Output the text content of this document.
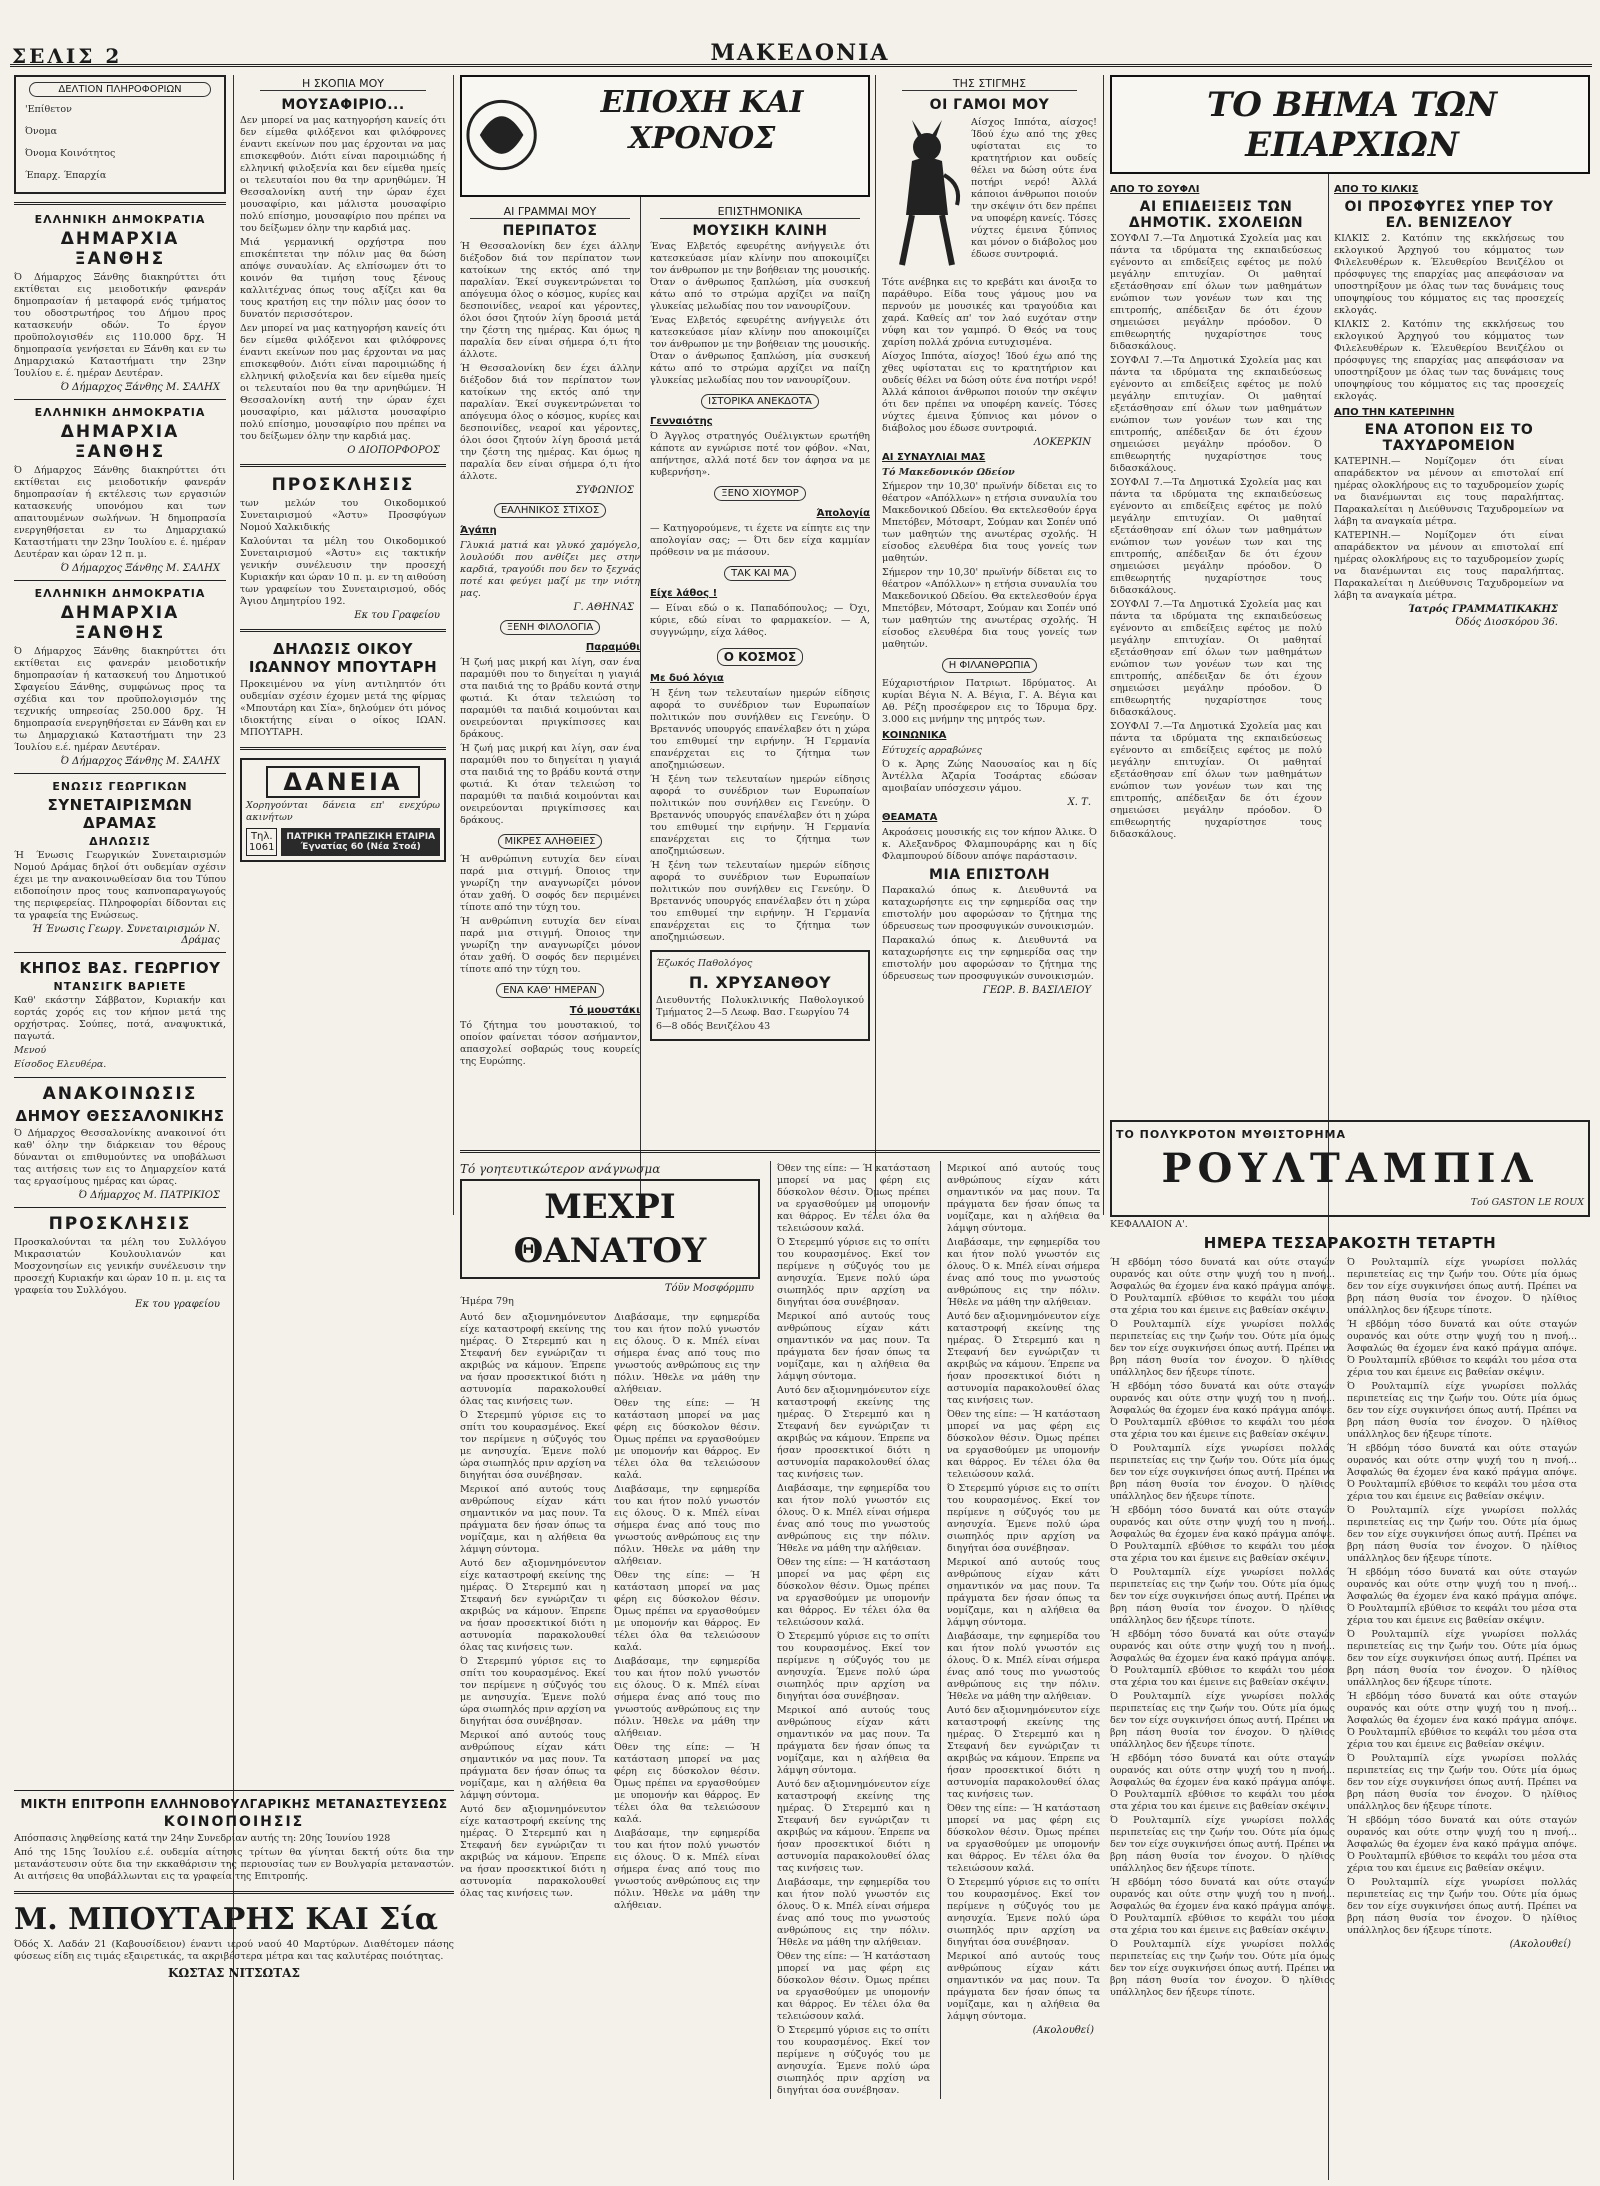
ΣΕΛΙΣ 2	ΜΑΚΕΔΟΝΙΑ
ΔΕΛΤΙΟΝ ΠΛΗΡΟΦΟΡΙΩΝ
'Επίθετον
Όνομα
Όνομα Κοινότητος
Έπαρχ. Έπαρχία
ΕΛΛΗΝΙΚΗ ΔΗΜΟΚΡΑΤΙΑ
ΔΗΜΑΡΧΙΑ ΞΑΝΘΗΣ
Ό Δήμαρχος Ξάνθης διακηρύττει ότι εκτίθεται εις μειοδοτικήν φανεράν δημοπρασίαν ή μεταφορά ενός τμήματος του οδοστρωτήρος του Δήμου προς κατασκευήν οδών. Το έργον προϋπολογισθέν εις 110.000 δρχ. Ή δημοπρασία γενήσεται εν Ξάνθη και εν τω Δημαρχιακώ Καταστήματι την 23ην Ίουλίου ε. έ. ημέραν Δευτέραν.
Ό Δήμαρχος Ξάνθης Μ. ΣΑΛΗΧ
ΕΛΛΗΝΙΚΗ ΔΗΜΟΚΡΑΤΙΑ
ΔΗΜΑΡΧΙΑ ΞΑΝΘΗΣ
Ό Δήμαρχος Ξάνθης διακηρύττει ότι εκτίθεται εις μειοδοτικήν φανεράν δημοπρασίαν ή εκτέλεσις των εργασιών κατασκευής υπονόμου και των απαιτουμένων σωλήνων. Ή δημοπρασία ενεργηθήσεται εν τω Δημαρχιακώ Καταστήματι την 23ην Ίουλίου ε. έ. ημέραν Δευτέραν και ώραν 12 π. μ.
Ό Δήμαρχος Ξάνθης Μ. ΣΑΛΗΧ
ΕΛΛΗΝΙΚΗ ΔΗΜΟΚΡΑΤΙΑ
ΔΗΜΑΡΧΙΑ ΞΑΝΘΗΣ
Ό Δήμαρχος Ξάνθης διακηρύττει ότι εκτίθεται εις φανεράν μειοδοτικήν δημοπρασίαν ή κατασκευή του Δημοτικού Σφαγείου Ξάνθης, συμφώνως προς τα σχέδια και τον προϋπολογισμόν της τεχνικής υπηρεσίας 250.000 δρχ. Ή δημοπρασία ενεργηθήσεται εν Ξάνθη και εν τω Δημαρχιακώ Καταστήματι την 23 Ίουλίου ε.έ. ημέραν Δευτέραν.
Ό Δήμαρχος Ξάνθης Μ. ΣΑΛΗΧ
ΕΝΩΣΙΣ ΓΕΩΡΓΙΚΩΝ
ΣΥΝΕΤΑΙΡΙΣΜΩΝ ΔΡΑΜΑΣ
ΔΗΛΩΣΙΣ
Ή Ένωσις Γεωργικών Συνεταιρισμών Νομού Δράμας δηλοί ότι ουδεμίαν σχέσιν έχει με την ανακοινωθείσαν δια του Τύπου ειδοποίησιν προς τους καπνοπαραγωγούς της περιφερείας. Πληροφορίαι δίδονται εις τα γραφεία της Ενώσεως.
Ή Ένωσις Γεωργ. Συνεταιρισμών Ν. Δράμας
ΚΗΠΟΣ ΒΑΣ. ΓΕΩΡΓΙΟΥ
ΝΤΑΝΣΙΓΚ ΒΑΡΙΕΤΕ
Καθ' εκάστην Σάββατον, Κυριακήν και εορτάς χορός εις τον κήπον μετά της ορχήστρας. Σούπες, ποτά, αναψυκτικά, παγωτά.
Μενού
Είσοδος Ελευθέρα.
ΑΝΑΚΟΙΝΩΣΙΣ
ΔΗΜΟΥ ΘΕΣΣΑΛΟΝΙΚΗΣ
Ό Δήμαρχος Θεσσαλονίκης ανακοινοί ότι καθ' όλην την διάρκειαν του θέρους δύνανται οι επιθυμούντες να υποβάλωσι τας αιτήσεις των εις το Δημαρχείον κατά τας εργασίμους ημέρας και ώρας.
Ό Δήμαρχος Μ. ΠΑΤΡΙΚΙΟΣ
ΠΡΟΣΚΛΗΣΙΣ
Προσκαλούνται τα μέλη του Συλλόγου Μικρασιατών Κουλουλιανών και Μοσχονησίων εις γενικήν συνέλευσιν την προσεχή Κυριακήν και ώραν 10 π. μ. εις τα γραφεία του Συλλόγου.
Εκ του γραφείου
ΜΙΚΤΗ ΕΠΙΤΡΟΠΗ ΕΛΛΗΝΟΒΟΥΛΓΑΡΙΚΗΣ ΜΕΤΑΝΑΣΤΕΥΣΕΩΣ
ΚΟΙΝΟΠΟΙΗΣΙΣ
Απόσπασις ληφθείσης κατά την 24ην Συνεδρίαν αυτής τη: 20ης Ίουνίου 1928
Από της 15ης Ίουλίου ε.έ. ουδεμία αίτησις τρίτων θα γίνηται δεκτή ούτε δια την μετανάστευσιν ούτε δια την εκκαθάρισιν της περιουσίας των εν Βουλγαρία μεταναστών. Αι αιτήσεις θα υποβάλλωνται εις τα γραφεία της Επιτροπής.
Μ. ΜΠΟΥΤΑΡΗΣ ΚΑΙ Σία
Όδός Χ. Λαδάν 21 (Καβουσίδειον) έναντι ιερού ναού 40 Μαρτύρων. Διαθέτομεν πάσης φύσεως είδη εις τιμάς εξαιρετικάς, τα ακριβέστερα μέτρα και τας καλυτέρας ποιότητας.
ΚΩΣΤΑΣ ΝΙΤΣΩΤΑΣ
Η ΣΚΟΠΙΑ ΜΟΥ
ΜΟΥΣΑΦΙΡΙΟ...
Δεν μπορεί να μας κατηγορήση κανείς ότι δεν είμεθα φιλόξενοι και φιλόφρονες έναντι εκείνων που μας έρχονται να μας επισκεφθούν. Διότι είναι παροιμιώδης ή ελληνική φιλοξενία και δεν είμεθα ημείς οι τελευταίοι που θα την αρνηθώμεν. Ή Θεσσαλονίκη αυτή την ώραν έχει μουσαφίριο, και μάλιστα μουσαφίριο πολύ επίσημο, μουσαφίριο που πρέπει να του δείξωμεν όλην την καρδιά μας.
Μιά γερμανική ορχήστρα που επισκέπτεται την πόλιν μας θα δώση απόψε συναυλίαν. Ας ελπίσωμεν ότι το κοινόν θα τιμήση τους ξένους καλλιτέχνας όπως τους αξίζει και θα τους κρατήση εις την πόλιν μας όσον το δυνατόν περισσότερον.
Δεν μπορεί να μας κατηγορήση κανείς ότι δεν είμεθα φιλόξενοι και φιλόφρονες έναντι εκείνων που μας έρχονται να μας επισκεφθούν. Διότι είναι παροιμιώδης ή ελληνική φιλοξενία και δεν είμεθα ημείς οι τελευταίοι που θα την αρνηθώμεν. Ή Θεσσαλονίκη αυτή την ώραν έχει μουσαφίριο, και μάλιστα μουσαφίριο πολύ επίσημο, μουσαφίριο που πρέπει να του δείξωμεν όλην την καρδιά μας.
Ο ΔΙΟΠΟΡΦΟΡΟΣ
ΠΡΟΣΚΛΗΣΙΣ
των μελών του Οικοδομικού Συνεταιρισμού «Άστυ» Προσφύγων Νομού Χαλκιδικής
Καλούνται τα μέλη του Οικοδομικού Συνεταιρισμού «Άστυ» εις τακτικήν γενικήν συνέλευσιν την προσεχή Κυριακήν και ώραν 10 π. μ. εν τη αιθούση των γραφείων του Συνεταιρισμού, οδός Άγιου Δημητρίου 192.
Εκ του Γραφείου
ΔΗΛΩΣΙΣ ΟΙΚΟΥ ΙΩΑΝΝΟΥ ΜΠΟΥΤΑΡΗ
Προκειμένου να γίνη αντιληπτόν ότι ουδεμίαν σχέσιν έχομεν μετά της φίρμας «Μπουτάρη και Σία», δηλούμεν ότι μόνος ιδιοκτήτης είναι ο οίκος ΙΩΑΝ. ΜΠΟΥΤΑΡΗ.
ΔΑΝΕΙΑ
Χορηγούνται δάνεια επ' ενεχύρω ακινήτων
Τηλ.
1061
ΠΑΤΡΙΚΗ ΤΡΑΠΕΖΙΚΗ ΕΤΑΙΡΙΑ
Έγνατίας 60 (Νέα Στοά)
ΕΠΟΧΗ ΚΑΙ ΧΡΟΝΟΣ
ΑΙ ΓΡΑΜΜΑΙ ΜΟΥ
ΠΕΡΙΠΑΤΟΣ
Ή Θεσσαλονίκη δεν έχει άλλην διέξοδον διά τον περίπατον των κατοίκων της εκτός από την παραλίαν. Έκεί συγκεντρώνεται το απόγευμα όλος ο κόσμος, κυρίες και δεσποινίδες, νεαροί και γέροντες, όλοι όσοι ζητούν λίγη δροσιά μετά την ζέστη της ημέρας. Και όμως η παραλία δεν είναι σήμερα ό,τι ήτο άλλοτε.
Ή Θεσσαλονίκη δεν έχει άλλην διέξοδον διά τον περίπατον των κατοίκων της εκτός από την παραλίαν. Έκεί συγκεντρώνεται το απόγευμα όλος ο κόσμος, κυρίες και δεσποινίδες, νεαροί και γέροντες, όλοι όσοι ζητούν λίγη δροσιά μετά την ζέστη της ημέρας. Και όμως η παραλία δεν είναι σήμερα ό,τι ήτο άλλοτε.
ΣΥΦΩΝΙΟΣ
ΕΑΛΗΝΙΚΟΣ ΣΤΙΧΟΣ
Άγάπη
Γλυκιά ματιά και γλυκό χαμόγελο, λουλούδι που ανθίζει μες στην καρδιά, τραγούδι που δεν το ξεχνάς ποτέ και φεύγει μαζί με την νιότη μας.
Γ. ΑΘΗΝΑΣ
ΞΕΝΗ ΦΙΛΟΛΟΓΙΑ
Παραμύθι
Ή ζωή μας μικρή και λίγη, σαν ένα παραμύθι που το διηγείται η γιαγιά στα παιδιά της το βράδυ κοντά στην φωτιά. Κι όταν τελειώση το παραμύθι τα παιδιά κοιμούνται και ονειρεύονται πριγκίπισσες και δράκους.
Ή ζωή μας μικρή και λίγη, σαν ένα παραμύθι που το διηγείται η γιαγιά στα παιδιά της το βράδυ κοντά στην φωτιά. Κι όταν τελειώση το παραμύθι τα παιδιά κοιμούνται και ονειρεύονται πριγκίπισσες και δράκους.
ΜΙΚΡΕΣ ΑΛΗΘΕΙΕΣ
Ή ανθρώπινη ευτυχία δεν είναι παρά μια στιγμή. Όποιος την γνωρίζη την αναγνωρίζει μόνον όταν χαθή. Ό σοφός δεν περιμένει τίποτε από την τύχη του.
Ή ανθρώπινη ευτυχία δεν είναι παρά μια στιγμή. Όποιος την γνωρίζη την αναγνωρίζει μόνον όταν χαθή. Ό σοφός δεν περιμένει τίποτε από την τύχη του.
ΕΝΑ ΚΑΘ' ΗΜΕΡΑΝ
Τό μουστάκι
Τό ζήτημα του μουστακιού, το οποίον φαίνεται τόσον ασήμαντον, απασχολεί σοβαρώς τους κουρείς της Ευρώπης.
ΕΠΙΣΤΗΜΟΝΙΚΑ
ΜΟΥΣΙΚΗ ΚΛΙΝΗ
Ένας Ελβετός εφευρέτης ανήγγειλε ότι κατεσκεύασε μίαν κλίνην που αποκοιμίζει τον άνθρωπον με την βοήθειαν της μουσικής. Όταν ο άνθρωπος ξαπλώση, μία συσκευή κάτω από το στρώμα αρχίζει να παίζη γλυκείας μελωδίας που τον νανουρίζουν.
Ένας Ελβετός εφευρέτης ανήγγειλε ότι κατεσκεύασε μίαν κλίνην που αποκοιμίζει τον άνθρωπον με την βοήθειαν της μουσικής. Όταν ο άνθρωπος ξαπλώση, μία συσκευή κάτω από το στρώμα αρχίζει να παίζη γλυκείας μελωδίας που τον νανουρίζουν.
ΙΣΤΟΡΙΚΑ ΑΝΕΚΔΟΤΑ
Γενναιότης
Ό Άγγλος στρατηγός Ουέλιγκτων ερωτήθη κάποτε αν εγνώρισε ποτέ τον φόβον. «Ναι, απήντησε, αλλά ποτέ δεν τον άφησα να με κυβερνήση».
ΞΕΝΟ ΧΙΟΥΜΟΡ
Άπολογία
— Κατηγορούμενε, τι έχετε να είπητε εις την απολογίαν σας; — Ότι δεν είχα καμμίαν πρόθεσιν να με πιάσουν.
ΤΑΚ ΚΑΙ ΜΑ
Είχε λάθος !
— Είναι εδώ ο κ. Παπαδόπουλος; — Όχι, κύριε, εδώ είναι το φαρμακείον. — Α, συγγνώμην, είχα λάθος.
Ο ΚΟΣΜΟΣ
Με δυό λόγια
Ή ξένη των τελευταίων ημερών είδησις αφορά το συνέδριον των Ευρωπαίων πολιτικών που συνήλθεν εις Γενεύην. Ό Βρεταννός υπουργός επανέλαβεν ότι η χώρα του επιθυμεί την ειρήνην. Ή Γερμανία επανέρχεται εις το ζήτημα των αποζημιώσεων.
Ή ξένη των τελευταίων ημερών είδησις αφορά το συνέδριον των Ευρωπαίων πολιτικών που συνήλθεν εις Γενεύην. Ό Βρεταννός υπουργός επανέλαβεν ότι η χώρα του επιθυμεί την ειρήνην. Ή Γερμανία επανέρχεται εις το ζήτημα των αποζημιώσεων.
Ή ξένη των τελευταίων ημερών είδησις αφορά το συνέδριον των Ευρωπαίων πολιτικών που συνήλθεν εις Γενεύην. Ό Βρεταννός υπουργός επανέλαβεν ότι η χώρα του επιθυμεί την ειρήνην. Ή Γερμανία επανέρχεται εις το ζήτημα των αποζημιώσεων.
Έζωκός Παθολόγος
Π. ΧΡΥΣΑΝΘΟΥ
Διευθυντής Πολυκλινικής Παθολογικού Τμήματος 2—5 Λεωφ. Βασ. Γεωργίου 74
6—8 οδός Βενιζέλου 43
ΤΗΣ ΣΤΙΓΜΗΣ
ΟΙ ΓΑΜΟΙ ΜΟΥ
Αίσχος Ιππότα, αίσχος! Ίδού έχω από της χθες υφίσταται εις το κρατητήριον και ουδείς θέλει να δώση ούτε ένα ποτήρι νερό! Άλλά κάποιοι άνθρωποι ποιούν την σκέψιν ότι δεν πρέπει να υποφέρη κανείς. Τόσες νύχτες έμεινα ξύπνιος και μόνον ο διάβολος μου έδωσε συντροφιά.
Τότε ανέβηκα εις το κρεβάτι και άνοιξα το παράθυρο. Είδα τους γάμους μου να περνούν με μουσικές και τραγούδια και χαρά. Καθείς απ' τον λαό ευχόταν στην νύφη και τον γαμπρό. Ό Θεός να τους χαρίση πολλά χρόνια ευτυχισμένα.
Αίσχος Ιππότα, αίσχος! Ίδού έχω από της χθες υφίσταται εις το κρατητήριον και ουδείς θέλει να δώση ούτε ένα ποτήρι νερό! Άλλά κάποιοι άνθρωποι ποιούν την σκέψιν ότι δεν πρέπει να υποφέρη κανείς. Τόσες νύχτες έμεινα ξύπνιος και μόνον ο διάβολος μου έδωσε συντροφιά.
ΛΟΚΕΡΚΙΝ
ΑΙ ΣΥΝΑΥΛΙΑΙ ΜΑΣ
Τό Μακεδονικόν Ωδείον
Σήμερον την 10,30' πρωϊνήν δίδεται εις το θέατρον «Απόλλων» η ετήσια συναυλία του Μακεδονικού Ωδείου. Θα εκτελεσθούν έργα Μπετόβεν, Μότσαρτ, Σούμαν και Σοπέν υπό των μαθητών της ανωτέρας σχολής. Ή είσοδος ελευθέρα δια τους γονείς των μαθητών.
Σήμερον την 10,30' πρωϊνήν δίδεται εις το θέατρον «Απόλλων» η ετήσια συναυλία του Μακεδονικού Ωδείου. Θα εκτελεσθούν έργα Μπετόβεν, Μότσαρτ, Σούμαν και Σοπέν υπό των μαθητών της ανωτέρας σχολής. Ή είσοδος ελευθέρα δια τους γονείς των μαθητών.
Η ΦΙΛΑΝΘΡΩΠΙΑ
Εύχαριστήριον Πατριωτ. Ιδρύματος. Αι κυρίαι Βέγια Ν. Α. Βέγια, Γ. Α. Βέγια και Αθ. Ρέζη προσέφερον εις το Ίδρυμα δρχ. 3.000 εις μνήμην της μητρός των.
ΚΟΙΝΩΝΙΚΑ
Εύτυχείς αρραβώνες
Ό κ. Άρης Ζώης Ναουσαίος και η δίς Άντέλλα Άζαρία Τοσάρτας εδώσαν αμοιβαίαν υπόσχεσιν γάμου.
Χ. Τ.
ΘΕΑΜΑΤΑ
Ακροάσεις μουσικής εις τον κήπον Άλικε. Ό κ. Αλεξανδρος Φλαμπουράρης και η δίς Φλαμπουρού δίδουν απόψε παράστασιν.
ΜΙΑ ΕΠΙΣΤΟΛΗ
Παρακαλώ όπως κ. Διευθυντά να καταχωρήσητε εις την εφημερίδα σας την επιστολήν μου αφορώσαν το ζήτημα της ύδρευσεως των προσφυγικών συνοικισμών.
Παρακαλώ όπως κ. Διευθυντά να καταχωρήσητε εις την εφημερίδα σας την επιστολήν μου αφορώσαν το ζήτημα της ύδρευσεως των προσφυγικών συνοικισμών.
ΓΕΩΡ. Β. ΒΑΣΙΛΕΙΟΥ
ΤΟ ΒΗΜΑ ΤΩΝ ΕΠΑΡΧΙΩΝ
ΑΠΟ ΤΟ ΣΟΥΦΛΙ
ΑΙ ΕΠΙΔΕΙΞΕΙΣ ΤΩΝ ΔΗΜΟΤΙΚ. ΣΧΟΛΕΙΩΝ
ΣΟΥΦΛΙ 7.—Τα Δημοτικά Σχολεία μας και πάντα τα ιδρύματα της εκπαιδεύσεως εγένοντο αι επιδείξεις εφέτος με πολύ μεγάλην επιτυχίαν. Οι μαθηταί εξετάσθησαν επί όλων των μαθημάτων ενώπιον των γονέων των και της επιτροπής, απέδειξαν δε ότι έχουν σημειώσει μεγάλην πρόοδον. Ό επιθεωρητής ηυχαρίστησε τους διδασκάλους.
ΣΟΥΦΛΙ 7.—Τα Δημοτικά Σχολεία μας και πάντα τα ιδρύματα της εκπαιδεύσεως εγένοντο αι επιδείξεις εφέτος με πολύ μεγάλην επιτυχίαν. Οι μαθηταί εξετάσθησαν επί όλων των μαθημάτων ενώπιον των γονέων των και της επιτροπής, απέδειξαν δε ότι έχουν σημειώσει μεγάλην πρόοδον. Ό επιθεωρητής ηυχαρίστησε τους διδασκάλους.
ΣΟΥΦΛΙ 7.—Τα Δημοτικά Σχολεία μας και πάντα τα ιδρύματα της εκπαιδεύσεως εγένοντο αι επιδείξεις εφέτος με πολύ μεγάλην επιτυχίαν. Οι μαθηταί εξετάσθησαν επί όλων των μαθημάτων ενώπιον των γονέων των και της επιτροπής, απέδειξαν δε ότι έχουν σημειώσει μεγάλην πρόοδον. Ό επιθεωρητής ηυχαρίστησε τους διδασκάλους.
ΣΟΥΦΛΙ 7.—Τα Δημοτικά Σχολεία μας και πάντα τα ιδρύματα της εκπαιδεύσεως εγένοντο αι επιδείξεις εφέτος με πολύ μεγάλην επιτυχίαν. Οι μαθηταί εξετάσθησαν επί όλων των μαθημάτων ενώπιον των γονέων των και της επιτροπής, απέδειξαν δε ότι έχουν σημειώσει μεγάλην πρόοδον. Ό επιθεωρητής ηυχαρίστησε τους διδασκάλους.
ΣΟΥΦΛΙ 7.—Τα Δημοτικά Σχολεία μας και πάντα τα ιδρύματα της εκπαιδεύσεως εγένοντο αι επιδείξεις εφέτος με πολύ μεγάλην επιτυχίαν. Οι μαθηταί εξετάσθησαν επί όλων των μαθημάτων ενώπιον των γονέων των και της επιτροπής, απέδειξαν δε ότι έχουν σημειώσει μεγάλην πρόοδον. Ό επιθεωρητής ηυχαρίστησε τους διδασκάλους.
ΑΠΟ ΤΟ ΚΙΛΚΙΣ
ΟΙ ΠΡΟΣΦΥΓΕΣ ΥΠΕΡ ΤΟΥ ΕΛ. ΒΕΝΙΖΕΛΟΥ
ΚΙΛΚΙΣ 2. Κατόπιν της εκκλήσεως του εκλογικού Άρχηγού του κόμματος των Φιλελευθέρων κ. Έλευθερίου Βενιζέλου οι πρόσφυγες της επαρχίας μας απεφάσισαν να υποστηρίξουν με όλας των τας δυνάμεις τους υποψηφίους του κόμματος εις τας προσεχείς εκλογάς.
ΚΙΛΚΙΣ 2. Κατόπιν της εκκλήσεως του εκλογικού Άρχηγού του κόμματος των Φιλελευθέρων κ. Έλευθερίου Βενιζέλου οι πρόσφυγες της επαρχίας μας απεφάσισαν να υποστηρίξουν με όλας των τας δυνάμεις τους υποψηφίους του κόμματος εις τας προσεχείς εκλογάς.
ΑΠΟ ΤΗΝ ΚΑΤΕΡΙΝΗΝ
ΕΝΑ ΑΤΟΠΟΝ ΕΙΣ ΤΟ ΤΑΧΥΔΡΟΜΕΙΟΝ
ΚΑΤΕΡΙΝΗ.— Νομίζομεν ότι είναι απαράδεκτον να μένουν αι επιστολαί επί ημέρας ολοκλήρους εις το ταχυδρομείον χωρίς να διανέμωνται εις τους παραλήπτας. Παρακαλείται η Διεύθυνσις Ταχυδρομείων να λάβη τα αναγκαία μέτρα.
ΚΑΤΕΡΙΝΗ.— Νομίζομεν ότι είναι απαράδεκτον να μένουν αι επιστολαί επί ημέρας ολοκλήρους εις το ταχυδρομείον χωρίς να διανέμωνται εις τους παραλήπτας. Παρακαλείται η Διεύθυνσις Ταχυδρομείων να λάβη τα αναγκαία μέτρα.
Ίατρός ΓΡΑΜΜΑΤΙΚΑΚΗΣ
Όδός Διοσκόρου 36.
ΤΟ ΠΟΛΥΚΡΟΤΟΝ ΜΥΘΙΣΤΟΡΗΜΑ
ΡΟΥΛΤΑΜΠΙΛ
Τού GASTON LE ROUX
ΚΕΦΑΛΑΙΟΝ Α'.
ΗΜΕΡΑ ΤΕΣΣΑΡΑΚΟΣΤΗ ΤΕΤΑΡΤΗ
Ή εβδόμη τόσο δυνατά και ούτε σταγών ουρανός και ούτε στην ψυχή του η πνοή... Άσφαλώς θα έχομεν ένα κακό πράγμα απόψε. Ό Ρουλταμπίλ εβύθισε το κεφάλι του μέσα στα χέρια του και έμεινε εις βαθείαν σκέψιν.
Ό Ρουλταμπίλ είχε γνωρίσει πολλάς περιπετείας εις την ζωήν του. Ούτε μία όμως δεν τον είχε συγκινήσει όπως αυτή. Πρέπει να βρη πάση θυσία τον ένοχον. Ό ηλίθιος υπάλληλος δεν ήξευρε τίποτε.
Ή εβδόμη τόσο δυνατά και ούτε σταγών ουρανός και ούτε στην ψυχή του η πνοή... Άσφαλώς θα έχομεν ένα κακό πράγμα απόψε. Ό Ρουλταμπίλ εβύθισε το κεφάλι του μέσα στα χέρια του και έμεινε εις βαθείαν σκέψιν.
Ό Ρουλταμπίλ είχε γνωρίσει πολλάς περιπετείας εις την ζωήν του. Ούτε μία όμως δεν τον είχε συγκινήσει όπως αυτή. Πρέπει να βρη πάση θυσία τον ένοχον. Ό ηλίθιος υπάλληλος δεν ήξευρε τίποτε.
Ή εβδόμη τόσο δυνατά και ούτε σταγών ουρανός και ούτε στην ψυχή του η πνοή... Άσφαλώς θα έχομεν ένα κακό πράγμα απόψε. Ό Ρουλταμπίλ εβύθισε το κεφάλι του μέσα στα χέρια του και έμεινε εις βαθείαν σκέψιν.
Ό Ρουλταμπίλ είχε γνωρίσει πολλάς περιπετείας εις την ζωήν του. Ούτε μία όμως δεν τον είχε συγκινήσει όπως αυτή. Πρέπει να βρη πάση θυσία τον ένοχον. Ό ηλίθιος υπάλληλος δεν ήξευρε τίποτε.
Ή εβδόμη τόσο δυνατά και ούτε σταγών ουρανός και ούτε στην ψυχή του η πνοή... Άσφαλώς θα έχομεν ένα κακό πράγμα απόψε. Ό Ρουλταμπίλ εβύθισε το κεφάλι του μέσα στα χέρια του και έμεινε εις βαθείαν σκέψιν.
Ό Ρουλταμπίλ είχε γνωρίσει πολλάς περιπετείας εις την ζωήν του. Ούτε μία όμως δεν τον είχε συγκινήσει όπως αυτή. Πρέπει να βρη πάση θυσία τον ένοχον. Ό ηλίθιος υπάλληλος δεν ήξευρε τίποτε.
Ή εβδόμη τόσο δυνατά και ούτε σταγών ουρανός και ούτε στην ψυχή του η πνοή... Άσφαλώς θα έχομεν ένα κακό πράγμα απόψε. Ό Ρουλταμπίλ εβύθισε το κεφάλι του μέσα στα χέρια του και έμεινε εις βαθείαν σκέψιν.
Ό Ρουλταμπίλ είχε γνωρίσει πολλάς περιπετείας εις την ζωήν του. Ούτε μία όμως δεν τον είχε συγκινήσει όπως αυτή. Πρέπει να βρη πάση θυσία τον ένοχον. Ό ηλίθιος υπάλληλος δεν ήξευρε τίποτε.
Ή εβδόμη τόσο δυνατά και ούτε σταγών ουρανός και ούτε στην ψυχή του η πνοή... Άσφαλώς θα έχομεν ένα κακό πράγμα απόψε. Ό Ρουλταμπίλ εβύθισε το κεφάλι του μέσα στα χέρια του και έμεινε εις βαθείαν σκέψιν.
Ό Ρουλταμπίλ είχε γνωρίσει πολλάς περιπετείας εις την ζωήν του. Ούτε μία όμως δεν τον είχε συγκινήσει όπως αυτή. Πρέπει να βρη πάση θυσία τον ένοχον. Ό ηλίθιος υπάλληλος δεν ήξευρε τίποτε.
Ό Ρουλταμπίλ είχε γνωρίσει πολλάς περιπετείας εις την ζωήν του. Ούτε μία όμως δεν τον είχε συγκινήσει όπως αυτή. Πρέπει να βρη πάση θυσία τον ένοχον. Ό ηλίθιος υπάλληλος δεν ήξευρε τίποτε.
Ή εβδόμη τόσο δυνατά και ούτε σταγών ουρανός και ούτε στην ψυχή του η πνοή... Άσφαλώς θα έχομεν ένα κακό πράγμα απόψε. Ό Ρουλταμπίλ εβύθισε το κεφάλι του μέσα στα χέρια του και έμεινε εις βαθείαν σκέψιν.
Ό Ρουλταμπίλ είχε γνωρίσει πολλάς περιπετείας εις την ζωήν του. Ούτε μία όμως δεν τον είχε συγκινήσει όπως αυτή. Πρέπει να βρη πάση θυσία τον ένοχον. Ό ηλίθιος υπάλληλος δεν ήξευρε τίποτε.
Ή εβδόμη τόσο δυνατά και ούτε σταγών ουρανός και ούτε στην ψυχή του η πνοή... Άσφαλώς θα έχομεν ένα κακό πράγμα απόψε. Ό Ρουλταμπίλ εβύθισε το κεφάλι του μέσα στα χέρια του και έμεινε εις βαθείαν σκέψιν.
Ό Ρουλταμπίλ είχε γνωρίσει πολλάς περιπετείας εις την ζωήν του. Ούτε μία όμως δεν τον είχε συγκινήσει όπως αυτή. Πρέπει να βρη πάση θυσία τον ένοχον. Ό ηλίθιος υπάλληλος δεν ήξευρε τίποτε.
Ή εβδόμη τόσο δυνατά και ούτε σταγών ουρανός και ούτε στην ψυχή του η πνοή... Άσφαλώς θα έχομεν ένα κακό πράγμα απόψε. Ό Ρουλταμπίλ εβύθισε το κεφάλι του μέσα στα χέρια του και έμεινε εις βαθείαν σκέψιν.
Ό Ρουλταμπίλ είχε γνωρίσει πολλάς περιπετείας εις την ζωήν του. Ούτε μία όμως δεν τον είχε συγκινήσει όπως αυτή. Πρέπει να βρη πάση θυσία τον ένοχον. Ό ηλίθιος υπάλληλος δεν ήξευρε τίποτε.
Ή εβδόμη τόσο δυνατά και ούτε σταγών ουρανός και ούτε στην ψυχή του η πνοή... Άσφαλώς θα έχομεν ένα κακό πράγμα απόψε. Ό Ρουλταμπίλ εβύθισε το κεφάλι του μέσα στα χέρια του και έμεινε εις βαθείαν σκέψιν.
Ό Ρουλταμπίλ είχε γνωρίσει πολλάς περιπετείας εις την ζωήν του. Ούτε μία όμως δεν τον είχε συγκινήσει όπως αυτή. Πρέπει να βρη πάση θυσία τον ένοχον. Ό ηλίθιος υπάλληλος δεν ήξευρε τίποτε.
Ή εβδόμη τόσο δυνατά και ούτε σταγών ουρανός και ούτε στην ψυχή του η πνοή... Άσφαλώς θα έχομεν ένα κακό πράγμα απόψε. Ό Ρουλταμπίλ εβύθισε το κεφάλι του μέσα στα χέρια του και έμεινε εις βαθείαν σκέψιν.
Ό Ρουλταμπίλ είχε γνωρίσει πολλάς περιπετείας εις την ζωήν του. Ούτε μία όμως δεν τον είχε συγκινήσει όπως αυτή. Πρέπει να βρη πάση θυσία τον ένοχον. Ό ηλίθιος υπάλληλος δεν ήξευρε τίποτε.
(Ακολουθεί)
Τό γοητευτικώτερον ανάγνωσμα
ΜΕΧΡΙ ΘΑΝΑΤΟΥ
Τόϋν Μοσφόρμπυ
Ήμέρα 79η
Αυτό δεν αξιομνημόνευτον είχε καταστροφή εκείνης της ημέρας. Ό Στερεμπύ και η Στεφανή δεν εγνώριζαν τι ακριβώς να κάμουν. Έπρεπε να ήσαν προσεκτικοί διότι η αστυνομία παρακολουθεί όλας τας κινήσεις των.
Ό Στερεμπύ γύρισε εις το σπίτι του κουρασμένος. Εκεί τον περίμενε η σύζυγός του με ανησυχία. Έμενε πολύ ώρα σιωπηλός πριν αρχίση να διηγήται όσα συνέβησαν.
Μερικοί από αυτούς τους ανθρώπους είχαν κάτι σημαντικόν να μας πουν. Τα πράγματα δεν ήσαν όπως τα νομίζαμε, και η αλήθεια θα λάμψη σύντομα.
Αυτό δεν αξιομνημόνευτον είχε καταστροφή εκείνης της ημέρας. Ό Στερεμπύ και η Στεφανή δεν εγνώριζαν τι ακριβώς να κάμουν. Έπρεπε να ήσαν προσεκτικοί διότι η αστυνομία παρακολουθεί όλας τας κινήσεις των.
Ό Στερεμπύ γύρισε εις το σπίτι του κουρασμένος. Εκεί τον περίμενε η σύζυγός του με ανησυχία. Έμενε πολύ ώρα σιωπηλός πριν αρχίση να διηγήται όσα συνέβησαν.
Μερικοί από αυτούς τους ανθρώπους είχαν κάτι σημαντικόν να μας πουν. Τα πράγματα δεν ήσαν όπως τα νομίζαμε, και η αλήθεια θα λάμψη σύντομα.
Αυτό δεν αξιομνημόνευτον είχε καταστροφή εκείνης της ημέρας. Ό Στερεμπύ και η Στεφανή δεν εγνώριζαν τι ακριβώς να κάμουν. Έπρεπε να ήσαν προσεκτικοί διότι η αστυνομία παρακολουθεί όλας τας κινήσεις των.
Διαβάσαμε, την εφημερίδα του και ήτον πολύ γνωστόν εις όλους. Ό κ. Μπέλ είναι σήμερα ένας από τους πιο γνωστούς ανθρώπους εις την πόλιν. Ήθελε να μάθη την αλήθειαν.
Όθεν της είπε: — Ή κατάσταση μπορεί να μας φέρη εις δύσκολον θέσιν. Όμως πρέπει να εργασθούμεν με υπομονήν και θάρρος. Εν τέλει όλα θα τελειώσουν καλά.
Διαβάσαμε, την εφημερίδα του και ήτον πολύ γνωστόν εις όλους. Ό κ. Μπέλ είναι σήμερα ένας από τους πιο γνωστούς ανθρώπους εις την πόλιν. Ήθελε να μάθη την αλήθειαν.
Όθεν της είπε: — Ή κατάσταση μπορεί να μας φέρη εις δύσκολον θέσιν. Όμως πρέπει να εργασθούμεν με υπομονήν και θάρρος. Εν τέλει όλα θα τελειώσουν καλά.
Διαβάσαμε, την εφημερίδα του και ήτον πολύ γνωστόν εις όλους. Ό κ. Μπέλ είναι σήμερα ένας από τους πιο γνωστούς ανθρώπους εις την πόλιν. Ήθελε να μάθη την αλήθειαν.
Όθεν της είπε: — Ή κατάσταση μπορεί να μας φέρη εις δύσκολον θέσιν. Όμως πρέπει να εργασθούμεν με υπομονήν και θάρρος. Εν τέλει όλα θα τελειώσουν καλά.
Διαβάσαμε, την εφημερίδα του και ήτον πολύ γνωστόν εις όλους. Ό κ. Μπέλ είναι σήμερα ένας από τους πιο γνωστούς ανθρώπους εις την πόλιν. Ήθελε να μάθη την αλήθειαν.
Όθεν της είπε: — Ή κατάσταση μπορεί να μας φέρη εις δύσκολον θέσιν. Όμως πρέπει να εργασθούμεν με υπομονήν και θάρρος. Εν τέλει όλα θα τελειώσουν καλά.
Ό Στερεμπύ γύρισε εις το σπίτι του κουρασμένος. Εκεί τον περίμενε η σύζυγός του με ανησυχία. Έμενε πολύ ώρα σιωπηλός πριν αρχίση να διηγήται όσα συνέβησαν.
Μερικοί από αυτούς τους ανθρώπους είχαν κάτι σημαντικόν να μας πουν. Τα πράγματα δεν ήσαν όπως τα νομίζαμε, και η αλήθεια θα λάμψη σύντομα.
Αυτό δεν αξιομνημόνευτον είχε καταστροφή εκείνης της ημέρας. Ό Στερεμπύ και η Στεφανή δεν εγνώριζαν τι ακριβώς να κάμουν. Έπρεπε να ήσαν προσεκτικοί διότι η αστυνομία παρακολουθεί όλας τας κινήσεις των.
Διαβάσαμε, την εφημερίδα του και ήτον πολύ γνωστόν εις όλους. Ό κ. Μπέλ είναι σήμερα ένας από τους πιο γνωστούς ανθρώπους εις την πόλιν. Ήθελε να μάθη την αλήθειαν.
Όθεν της είπε: — Ή κατάσταση μπορεί να μας φέρη εις δύσκολον θέσιν. Όμως πρέπει να εργασθούμεν με υπομονήν και θάρρος. Εν τέλει όλα θα τελειώσουν καλά.
Ό Στερεμπύ γύρισε εις το σπίτι του κουρασμένος. Εκεί τον περίμενε η σύζυγός του με ανησυχία. Έμενε πολύ ώρα σιωπηλός πριν αρχίση να διηγήται όσα συνέβησαν.
Μερικοί από αυτούς τους ανθρώπους είχαν κάτι σημαντικόν να μας πουν. Τα πράγματα δεν ήσαν όπως τα νομίζαμε, και η αλήθεια θα λάμψη σύντομα.
Αυτό δεν αξιομνημόνευτον είχε καταστροφή εκείνης της ημέρας. Ό Στερεμπύ και η Στεφανή δεν εγνώριζαν τι ακριβώς να κάμουν. Έπρεπε να ήσαν προσεκτικοί διότι η αστυνομία παρακολουθεί όλας τας κινήσεις των.
Διαβάσαμε, την εφημερίδα του και ήτον πολύ γνωστόν εις όλους. Ό κ. Μπέλ είναι σήμερα ένας από τους πιο γνωστούς ανθρώπους εις την πόλιν. Ήθελε να μάθη την αλήθειαν.
Όθεν της είπε: — Ή κατάσταση μπορεί να μας φέρη εις δύσκολον θέσιν. Όμως πρέπει να εργασθούμεν με υπομονήν και θάρρος. Εν τέλει όλα θα τελειώσουν καλά.
Ό Στερεμπύ γύρισε εις το σπίτι του κουρασμένος. Εκεί τον περίμενε η σύζυγός του με ανησυχία. Έμενε πολύ ώρα σιωπηλός πριν αρχίση να διηγήται όσα συνέβησαν.
Μερικοί από αυτούς τους ανθρώπους είχαν κάτι σημαντικόν να μας πουν. Τα πράγματα δεν ήσαν όπως τα νομίζαμε, και η αλήθεια θα λάμψη σύντομα.
Διαβάσαμε, την εφημερίδα του και ήτον πολύ γνωστόν εις όλους. Ό κ. Μπέλ είναι σήμερα ένας από τους πιο γνωστούς ανθρώπους εις την πόλιν. Ήθελε να μάθη την αλήθειαν.
Αυτό δεν αξιομνημόνευτον είχε καταστροφή εκείνης της ημέρας. Ό Στερεμπύ και η Στεφανή δεν εγνώριζαν τι ακριβώς να κάμουν. Έπρεπε να ήσαν προσεκτικοί διότι η αστυνομία παρακολουθεί όλας τας κινήσεις των.
Όθεν της είπε: — Ή κατάσταση μπορεί να μας φέρη εις δύσκολον θέσιν. Όμως πρέπει να εργασθούμεν με υπομονήν και θάρρος. Εν τέλει όλα θα τελειώσουν καλά.
Ό Στερεμπύ γύρισε εις το σπίτι του κουρασμένος. Εκεί τον περίμενε η σύζυγός του με ανησυχία. Έμενε πολύ ώρα σιωπηλός πριν αρχίση να διηγήται όσα συνέβησαν.
Μερικοί από αυτούς τους ανθρώπους είχαν κάτι σημαντικόν να μας πουν. Τα πράγματα δεν ήσαν όπως τα νομίζαμε, και η αλήθεια θα λάμψη σύντομα.
Διαβάσαμε, την εφημερίδα του και ήτον πολύ γνωστόν εις όλους. Ό κ. Μπέλ είναι σήμερα ένας από τους πιο γνωστούς ανθρώπους εις την πόλιν. Ήθελε να μάθη την αλήθειαν.
Αυτό δεν αξιομνημόνευτον είχε καταστροφή εκείνης της ημέρας. Ό Στερεμπύ και η Στεφανή δεν εγνώριζαν τι ακριβώς να κάμουν. Έπρεπε να ήσαν προσεκτικοί διότι η αστυνομία παρακολουθεί όλας τας κινήσεις των.
Όθεν της είπε: — Ή κατάσταση μπορεί να μας φέρη εις δύσκολον θέσιν. Όμως πρέπει να εργασθούμεν με υπομονήν και θάρρος. Εν τέλει όλα θα τελειώσουν καλά.
Ό Στερεμπύ γύρισε εις το σπίτι του κουρασμένος. Εκεί τον περίμενε η σύζυγός του με ανησυχία. Έμενε πολύ ώρα σιωπηλός πριν αρχίση να διηγήται όσα συνέβησαν.
Μερικοί από αυτούς τους ανθρώπους είχαν κάτι σημαντικόν να μας πουν. Τα πράγματα δεν ήσαν όπως τα νομίζαμε, και η αλήθεια θα λάμψη σύντομα.
(Ακολουθεί)
